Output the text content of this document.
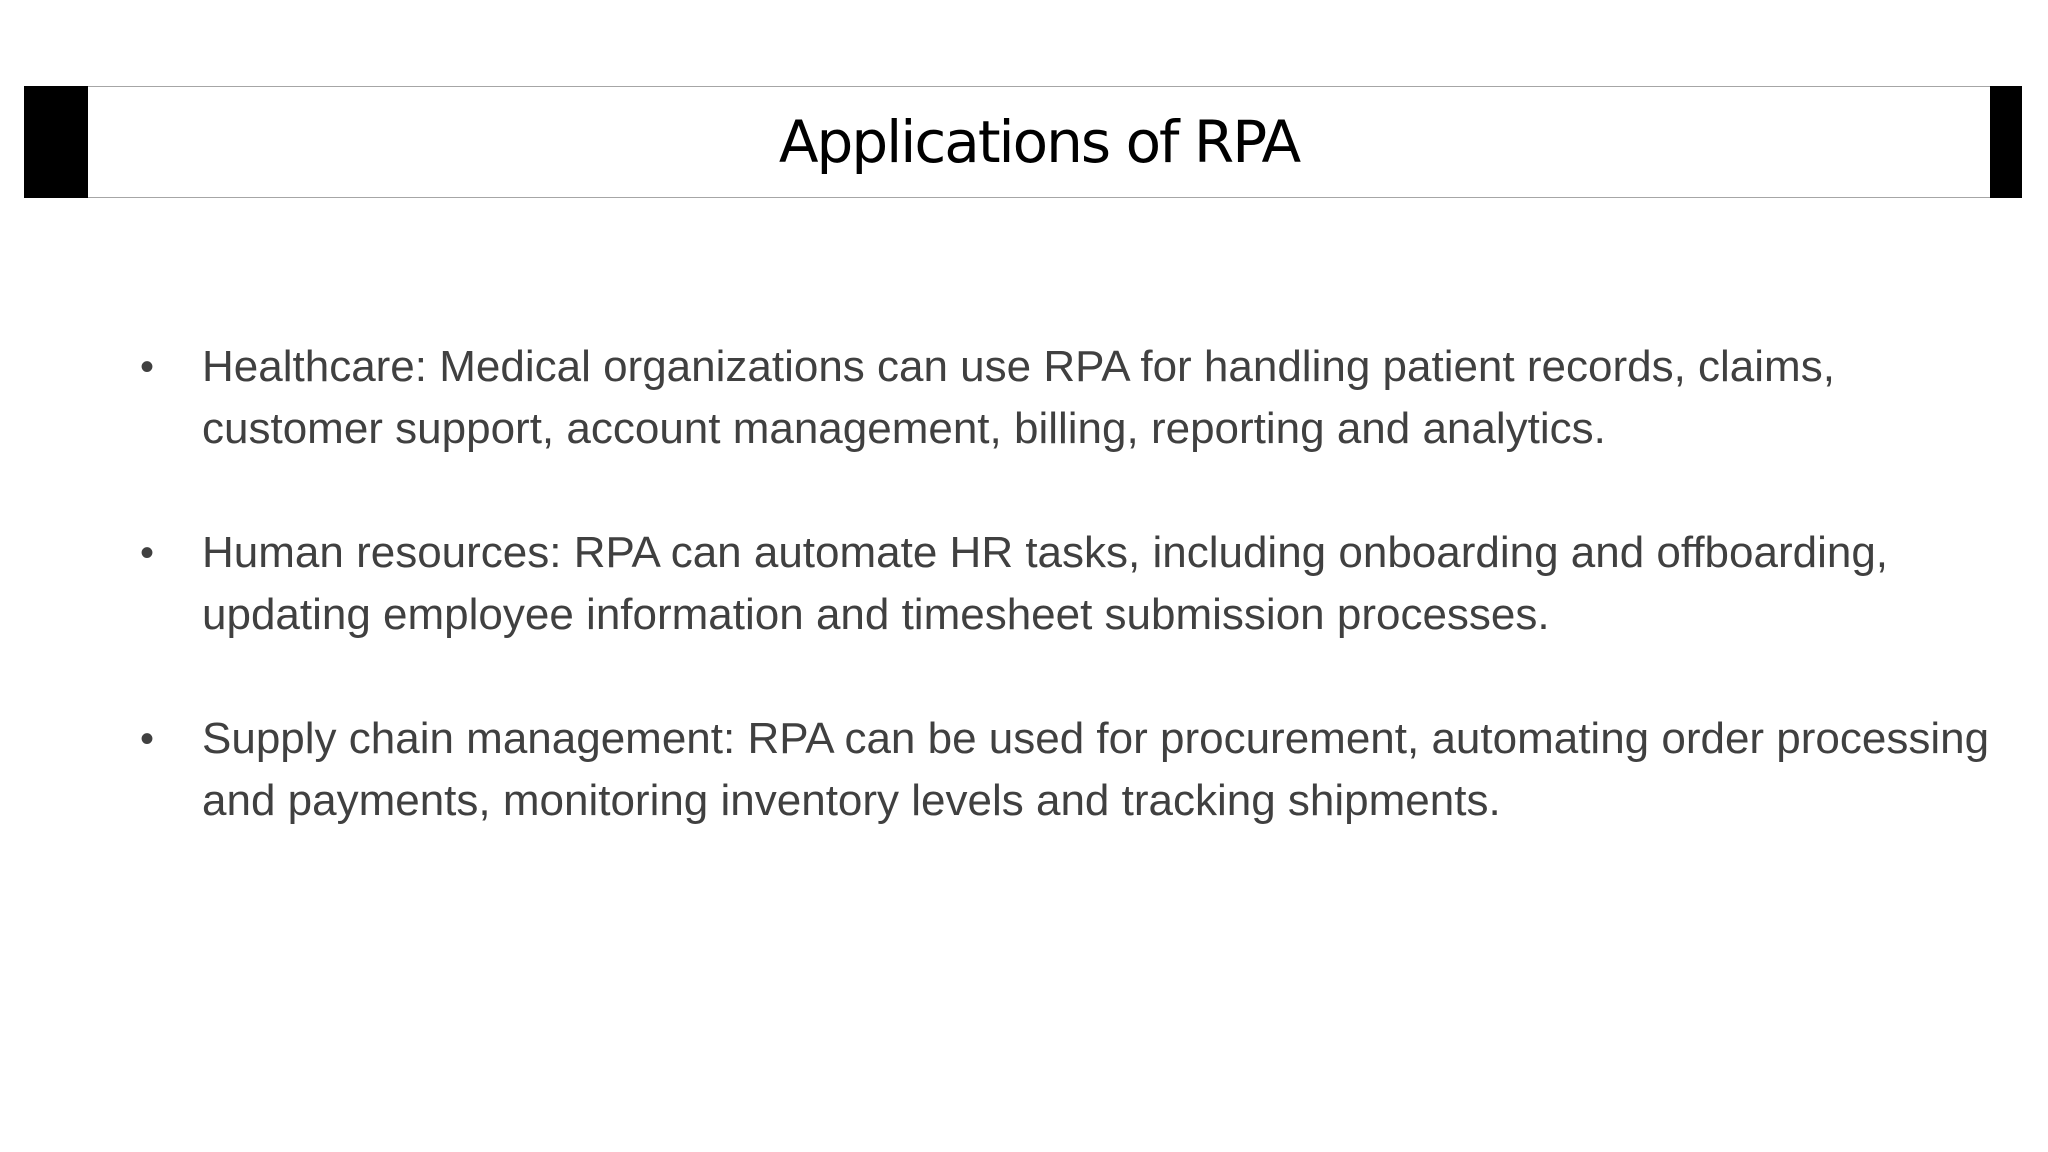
Applications of RPA
•	Healthcare: Medical organizations can use RPA for handling patient records, claims, customer support, account management, billing, reporting and analytics.
•	Human resources: RPA can automate HR tasks, including onboarding and offboarding, updating employee information and timesheet submission processes.
•	Supply chain management: RPA can be used for procurement, automating order processing and payments, monitoring inventory levels and tracking shipments.
